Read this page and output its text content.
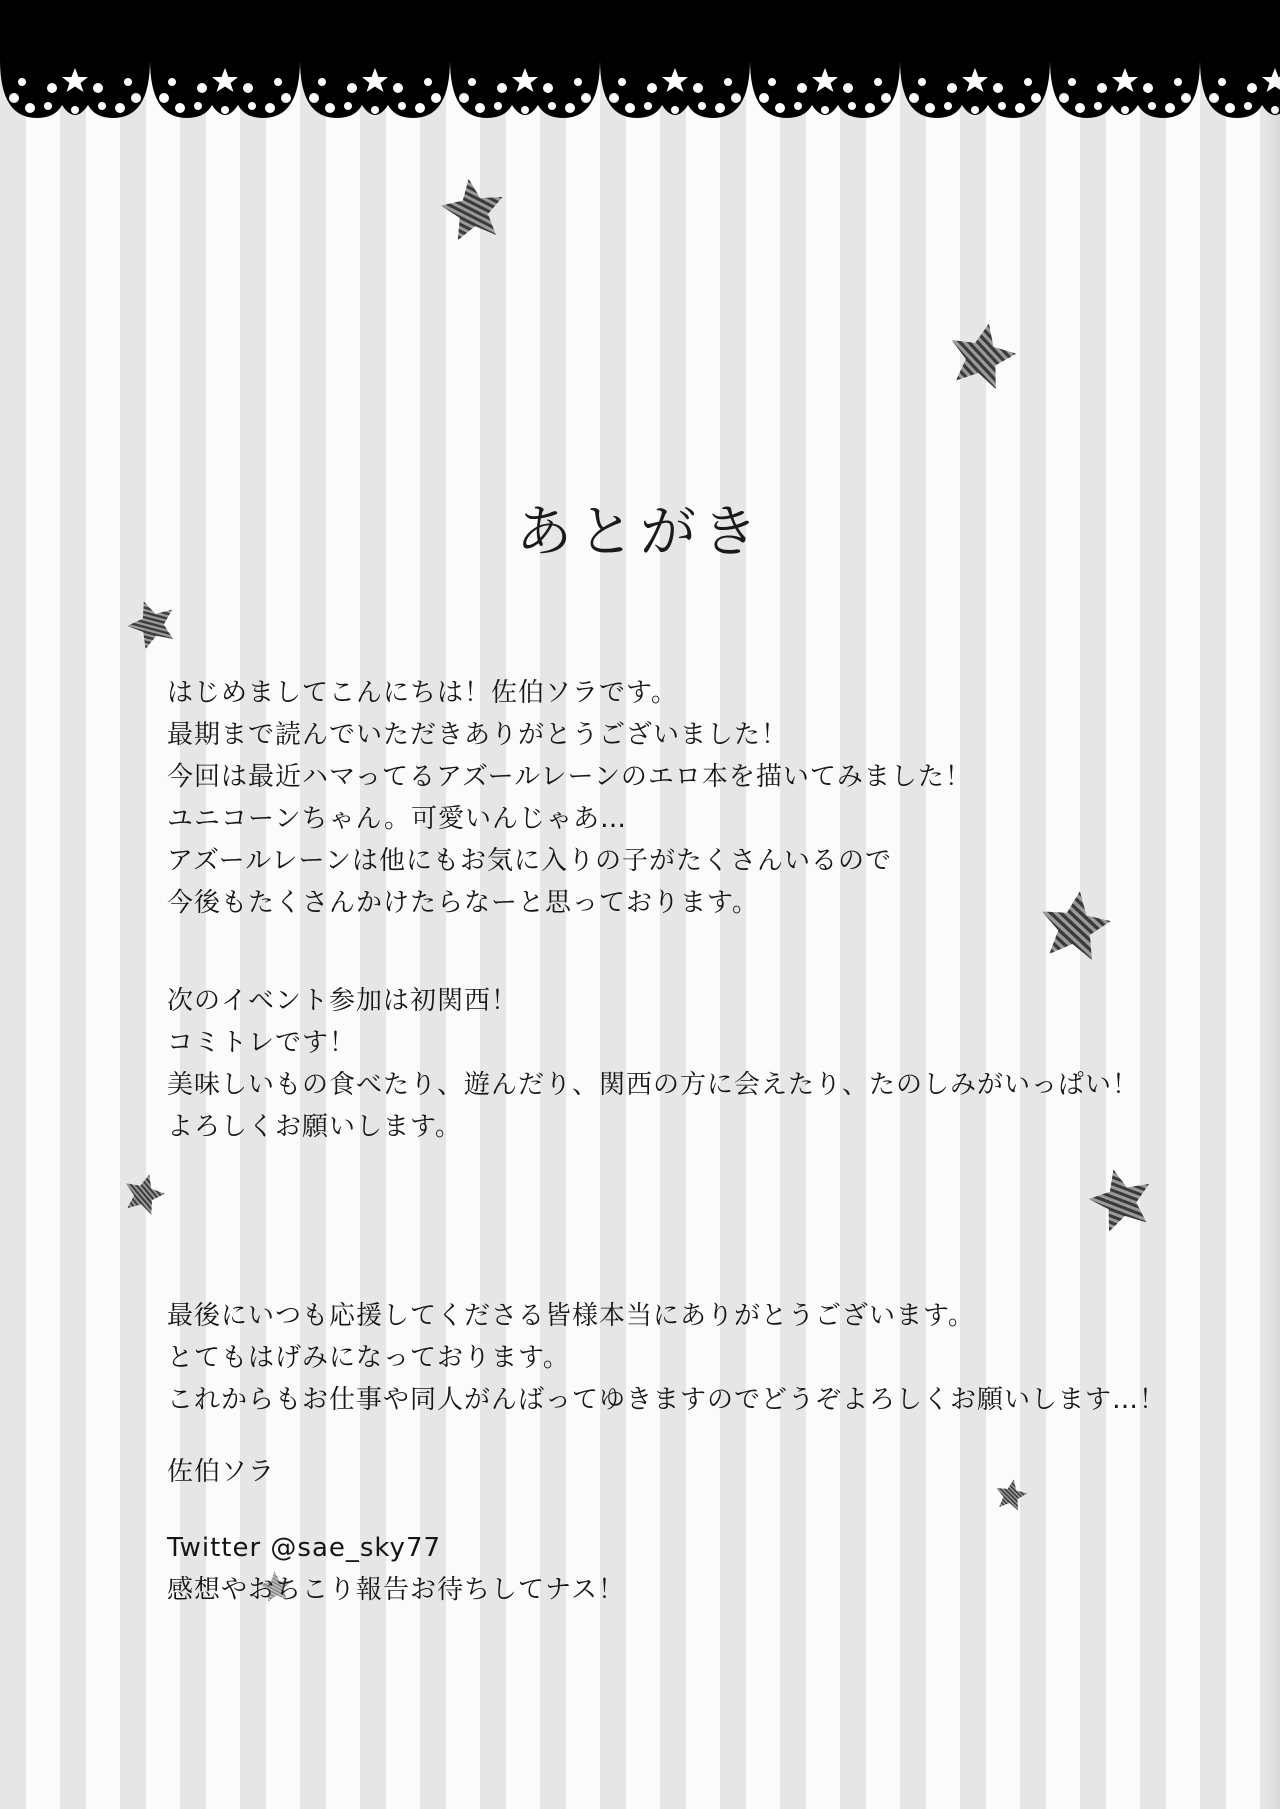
あとがき
はじめましてこんにちは！佐伯ソラです。
最期まで読んでいただきありがとうございました！
今回は最近ハマってるアズールレーンのエロ本を描いてみました！
ユニコーンちゃん。可愛いんじゃあ…
アズールレーンは他にもお気に入りの子がたくさんいるので
今後もたくさんかけたらなーと思っております。
次のイベント参加は初関西！
コミトレです！
美味しいもの食べたり、遊んだり、関西の方に会えたり、たのしみがいっぱい！
よろしくお願いします。
最後にいつも応援してくださる皆様本当にありがとうございます。
とてもはげみになっております。
これからもお仕事や同人がんばってゆきますのでどうぞよろしくお願いします…！
佐伯ソラ
Twitter @sae_sky77
感想やおちこり報告お待ちしてナス！
